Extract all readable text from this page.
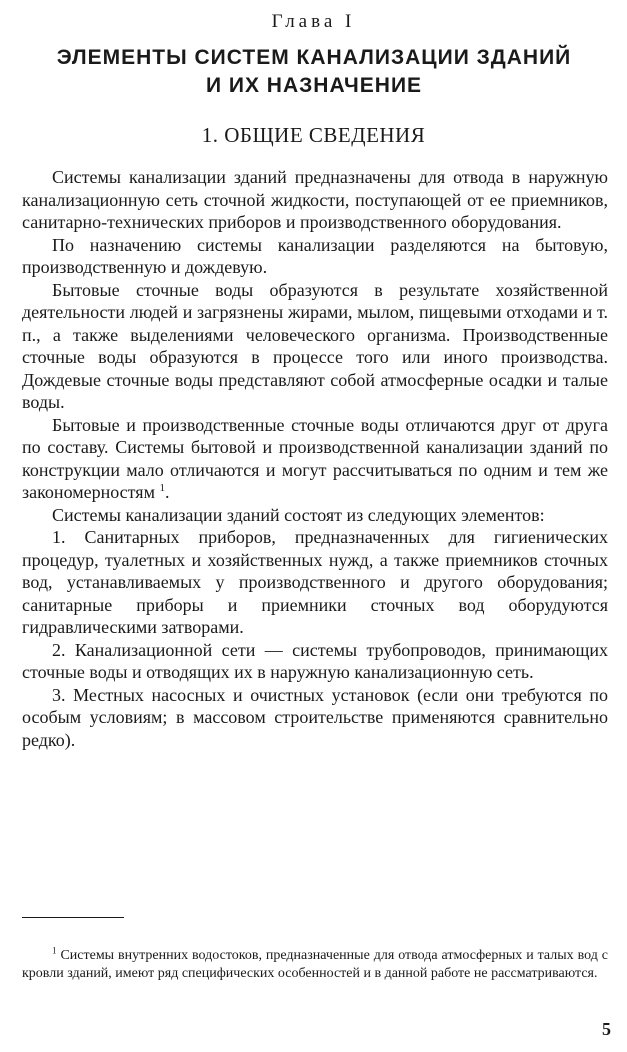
Глава I
ЭЛЕМЕНТЫ СИСТЕМ КАНАЛИЗАЦИИ ЗДАНИЙ
И ИХ НАЗНАЧЕНИЕ
1. ОБЩИЕ СВЕДЕНИЯ

Системы канализации зданий предназначены для отвода в наружную канализационную сеть сточной жидкости, поступающей от ее приемников, санитарно-технических приборов и производственного оборудования.

По назначению системы канализации разделяются на бытовую, производственную и дождевую.

Бытовые сточные воды образуются в результате хозяйственной деятельности людей и загрязнены жирами, мылом, пищевыми отходами и т. п., а также выделениями человеческого организма. Производственные сточные воды образуются в процессе того или иного производства. Дождевые сточные воды представляют собой атмосферные осадки и талые воды.

Бытовые и производственные сточные воды отличаются друг от друга по составу. Системы бытовой и производственной канализации зданий по конструкции мало отличаются и могут рассчитываться по одним и тем же закономерностям $^1$.

Системы канализации зданий состоят из следующих элементов:

1. Санитарных приборов, предназначенных для гигиенических процедур, туалетных и хозяйственных нужд, а также приемников сточных вод, устанавливаемых у производственного и другого оборудования; санитарные приборы и приемники сточных вод оборудуются гидравлическими затворами.

2. Канализационной сети — системы трубопроводов, принимающих сточные воды и отводящих их в наружную канализационную сеть.

3. Местных насосных и очистных установок (если они требуются по особым условиям; в массовом строительстве применяются сравнительно редко).

$^1$ Системы внутренних водостоков, предназначенные для отвода атмосферных и талых вод с кровли зданий, имеют ряд специфических особенностей и в данной работе не рассматриваются.
5
